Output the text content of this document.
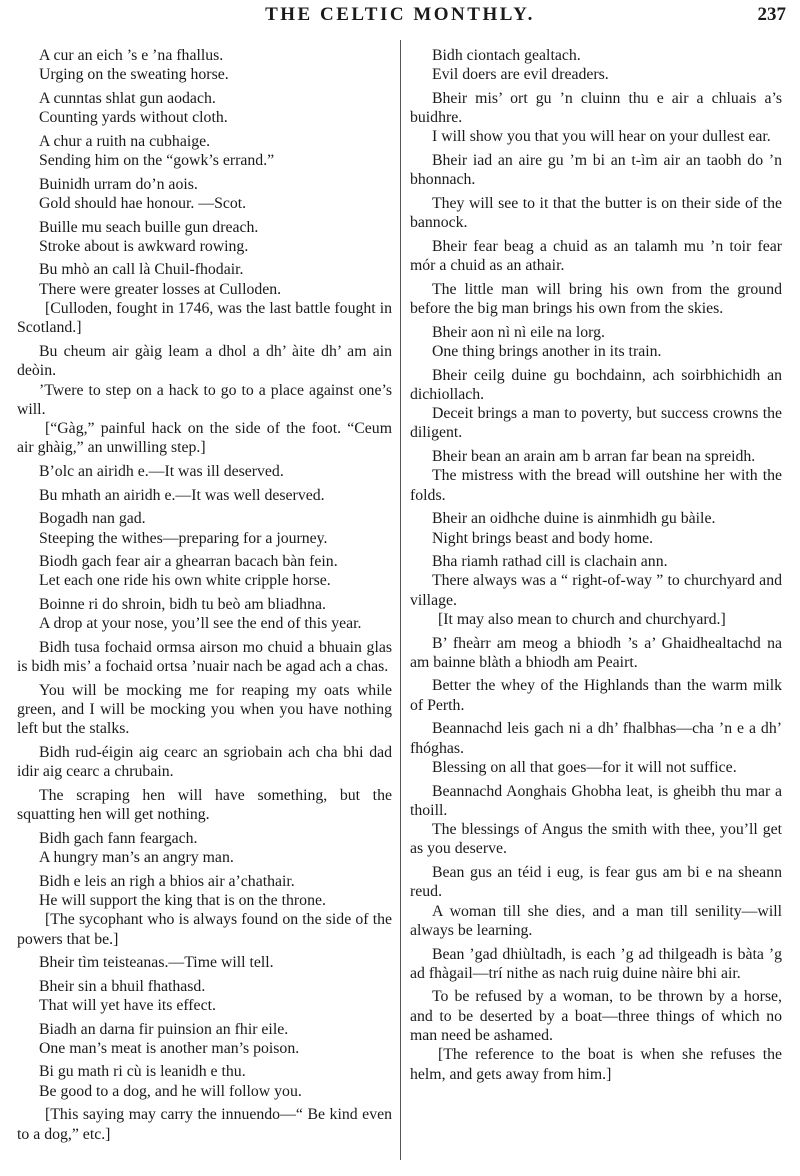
THE CELTIC MONTHLY.	237
A cur an eich ’s e ’na fhallus.
Urging on the sweating horse.
A cunntas shlat gun aodach.
Counting yards without cloth.
A chur a ruith na cubhaige.
Sending him on the “gowk’s errand.”
Buinidh urram do’n aois.
Gold should hae honour. —Scot.
Buille mu seach buille gun dreach.
Stroke about is awkward rowing.
Bu mhò an call là Chuil-fhodair.
There were greater losses at Culloden.
[Culloden, fought in 1746, was the last battle fought in Scotland.]
Bu cheum air gàig leam a dhol a dh’ àite dh’ am ain deòin.
’Twere to step on a hack to go to a place against one’s will.
[“Gàg,” painful hack on the side of the foot. “Ceum air ghàig,” an unwilling step.]
B’olc an airidh e.—It was ill deserved.
Bu mhath an airidh e.—It was well deserved.
Bogadh nan gad.
Steeping the withes—preparing for a journey.
Biodh gach fear air a ghearran bacach bàn fein.
Let each one ride his own white cripple horse.
Boinne ri do shroin, bidh tu beò am bliadhna.
A drop at your nose, you’ll see the end of this year.
Bidh tusa fochaid ormsa airson mo chuid a bhuain glas is bidh mis’ a fochaid ortsa ’nuair nach be agad ach a chas.
You will be mocking me for reaping my oats while green, and I will be mocking you when you have nothing left but the stalks.
Bidh rud-éigin aig cearc an sgriobain ach cha bhi dad idir aig cearc a chrubain.
The scraping hen will have something, but the squatting hen will get nothing.
Bidh gach fann feargach.
A hungry man’s an angry man.
Bidh e leis an righ a bhios air a’chathair.
He will support the king that is on the throne.
[The sycophant who is always found on the side of the powers that be.]
Bheir tìm teisteanas.—Time will tell.
Bheir sin a bhuil fhathasd.
That will yet have its effect.
Biadh an darna fir puinsion an fhir eile.
One man’s meat is another man’s poison.
Bi gu math ri cù is leanidh e thu.
Be good to a dog, and he will follow you.
[This saying may carry the innuendo—“ Be kind even to a dog,” etc.]
Bidh ciontach gealtach.
Evil doers are evil dreaders.
Bheir mis’ ort gu ’n cluinn thu e air a chluais a’s buidhre.
I will show you that you will hear on your dullest ear.
Bheir iad an aire gu ’m bi an t-ìm air an taobh do ’n bhonnach.
They will see to it that the butter is on their side of the bannock.
Bheir fear beag a chuid as an talamh mu ’n toir fear mór a chuid as an athair.
The little man will bring his own from the ground before the big man brings his own from the skies.
Bheir aon nì nì eile na lorg.
One thing brings another in its train.
Bheir ceilg duine gu bochdainn, ach soirbhichidh an dichiollach.
Deceit brings a man to poverty, but success crowns the diligent.
Bheir bean an arain am b arran far bean na spreidh.
The mistress with the bread will outshine her with the folds.
Bheir an oidhche duine is ainmhidh gu bàile.
Night brings beast and body home.
Bha riamh rathad cill is clachain ann.
There always was a “ right-of-way ” to churchyard and village.
[It may also mean to church and churchyard.]
B’ fheàrr am meog a bhiodh ’s a’ Ghaidhealtachd na am bainne blàth a bhiodh am Peairt.
Better the whey of the Highlands than the warm milk of Perth.
Beannachd leis gach ni a dh’ fhalbhas—cha ’n e a dh’ fhóghas.
Blessing on all that goes—for it will not suffice.
Beannachd Aonghais Ghobha leat, is gheibh thu mar a thoill.
The blessings of Angus the smith with thee, you’ll get as you deserve.
Bean gus an téid i eug, is fear gus am bi e na sheann reud.
A woman till she dies, and a man till senility—will always be learning.
Bean ’gad dhiùltadh, is each ’g ad thilgeadh is bàta ’g ad fhàgail—trí nithe as nach ruig duine nàire bhi air.
To be refused by a woman, to be thrown by a horse, and to be deserted by a boat—three things of which no man need be ashamed.
[The reference to the boat is when she refuses the helm, and gets away from him.]
